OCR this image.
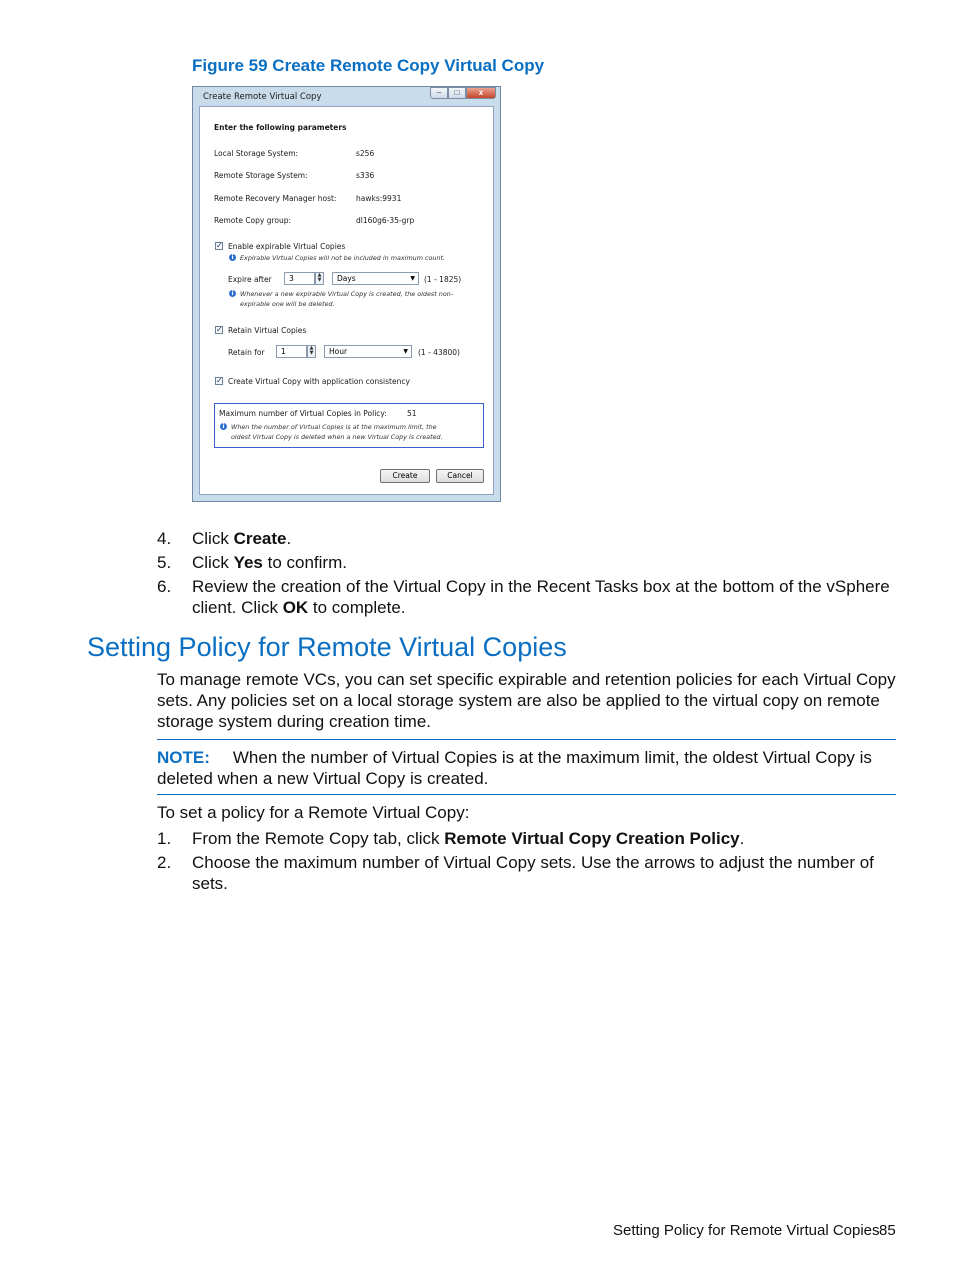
Figure 59 Create Remote Copy Virtual Copy
Create Remote Virtual Copy	–	□	x
Enter the following parameters
Local Storage System:	s256
Remote Storage System:	s336
Remote Recovery Manager host:	hawks:9931
Remote Copy group:	dl160g6-35-grp
✓ Enable expirable Virtual Copies
i	Expirable Virtual Copies will not be included in maximum count.
Expire after	3	▲
▼	Days	▼ (1 - 1825)
i	Whenever a new expirable Virtual Copy is created, the oldest non-
expirable one will be deleted.
✓ Retain Virtual Copies
Retain for	1	▲
▼	Hour	▼ (1 - 43800)
✓ Create Virtual Copy with application consistency
Maximum number of Virtual Copies in Policy:	51
i	When the number of Virtual Copies is at the maximum limit, the
oldest Virtual Copy is deleted when a new Virtual Copy is created.
Create	Cancel
4. Click Create.
5. Click Yes to confirm.
6. Review the creation of the Virtual Copy in the Recent Tasks box at the bottom of the vSphere
client. Click OK to complete.
Setting Policy for Remote Virtual Copies
To manage remote VCs, you can set specific expirable and retention policies for each Virtual Copy
sets. Any policies set on a local storage system are also be applied to the virtual copy on remote
storage system during creation time.
NOTE: When the number of Virtual Copies is at the maximum limit, the oldest Virtual Copy is
deleted when a new Virtual Copy is created.
To set a policy for a Remote Virtual Copy:
1. From the Remote Copy tab, click Remote Virtual Copy Creation Policy.
2. Choose the maximum number of Virtual Copy sets. Use the arrows to adjust the number of
sets.
Setting Policy for Remote Virtual Copies 85
